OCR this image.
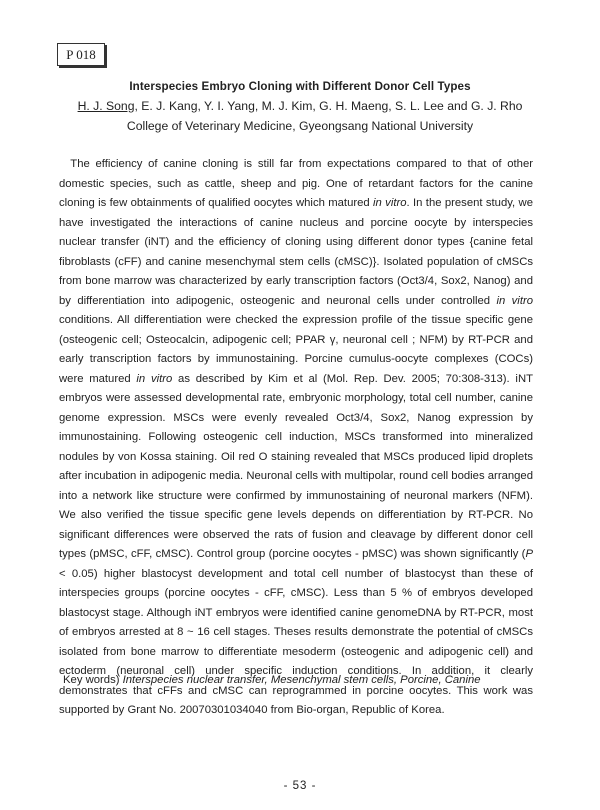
P 018
Interspecies Embryo Cloning with Different Donor Cell Types
H. J. Song, E. J. Kang, Y. I. Yang, M. J. Kim, G. H. Maeng, S. L. Lee and G. J. Rho
College of Veterinary Medicine, Gyeongsang National University

 The efficiency of canine cloning is still far from expectations compared to that of other domestic species, such as cattle, sheep and pig. One of retardant factors for the canine cloning is few obtainments of qualified oocytes which matured in vitro. In the present study, we have investigated the interactions of canine nucleus and porcine oocyte by interspecies nuclear transfer (iNT) and the efficiency of cloning using different donor types {canine fetal fibroblasts (cFF) and canine mesenchymal stem cells (cMSC)}. Isolated population of cMSCs from bone marrow was characterized by early transcription factors (Oct3/4, Sox2, Nanog) and by differentiation into adipogenic, osteogenic and neuronal cells under controlled in vitro conditions. All differentiation were checked the expression profile of the tissue specific gene (osteogenic cell; Osteocalcin, adipogenic cell; PPAR γ, neuronal cell ; NFM) by RT-PCR and early transcription factors by immunostaining. Porcine cumulus-oocyte complexes (COCs) were matured in vitro as described by Kim et al (Mol. Rep. Dev. 2005; 70:308-313). iNT embryos were assessed developmental rate, embryonic morphology, total cell number, canine genome expression. MSCs were evenly revealed Oct3/4, Sox2, Nanog expression by immunostaining. Following osteogenic cell induction, MSCs transformed into mineralized nodules by von Kossa staining. Oil red O staining revealed that MSCs produced lipid droplets after incubation in adipogenic media. Neuronal cells with multipolar, round cell bodies arranged into a network like structure were confirmed by immunostaining of neuronal markers (NFM). We also verified the tissue specific gene levels depends on differentiation by RT-PCR. No significant differences were observed the rats of fusion and cleavage by different donor cell types (pMSC, cFF, cMSC). Control group (porcine oocytes - pMSC) was shown significantly (P < 0.05) higher blastocyst development and total cell number of blastocyst than these of interspecies groups (porcine oocytes - cFF, cMSC). Less than 5 % of embryos developed blastocyst stage. Although iNT embryos were identified canine genomeDNA by RT-PCR, most of embryos arrested at 8 ~ 16 cell stages. Theses results demonstrate the potential of cMSCs isolated from bone marrow to differentiate mesoderm (osteogenic and adipogenic cell) and ectoderm (neuronal cell) under specific induction conditions. In addition, it clearly demonstrates that cFFs and cMSC can reprogrammed in porcine oocytes. This work was supported by Grant No. 20070301034040 from Bio-organ, Republic of Korea.

Key words) Interspecies nuclear transfer, Mesenchymal stem cells, Porcine, Canine
- 53 -
